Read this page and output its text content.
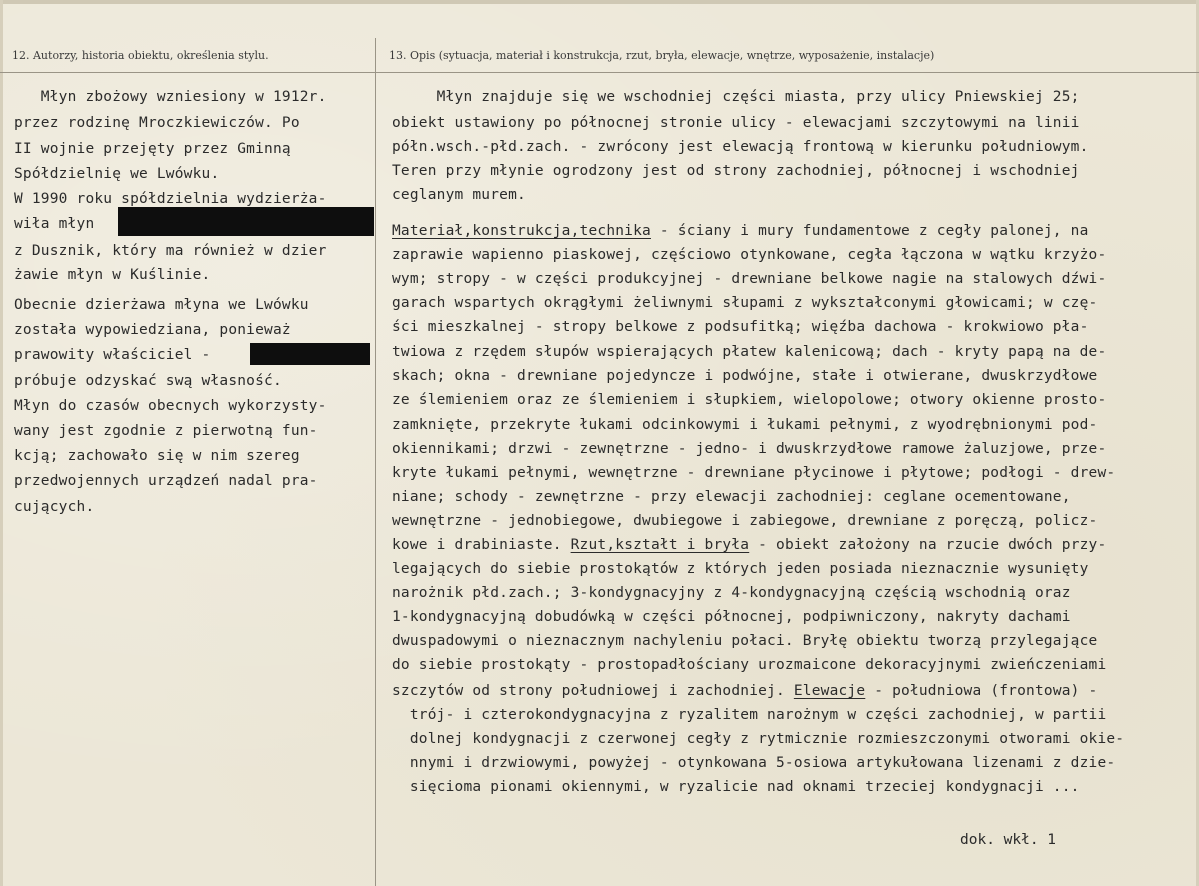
12. Autorzy, historia obiektu, określenia stylu.	13. Opis (sytuacja, materiał i konstrukcja, rzut, bryła, elewacje, wnętrze, wyposażenie, instalacje)
Młyn zbożowy wzniesiony w 1912r.
przez rodzinę Mroczkiewiczów. Po
II wojnie przejęty przez Gminną
Spółdzielnię we Lwówku.
W 1990 roku spółdzielnia wydzierża-
wiła młyn
z Dusznik, który ma również w dzier
żawie młyn w Kuślinie.
Obecnie dzierżawa młyna we Lwówku
została wypowiedziana, ponieważ
prawowity właściciel -
próbuje odzyskać swą własność.
Młyn do czasów obecnych wykorzysty-
wany jest zgodnie z pierwotną fun-
kcją; zachowało się w nim szereg
przedwojennych urządzeń nadal pra-
cujących.
Młyn znajduje się we wschodniej części miasta, przy ulicy Pniewskiej 25;
obiekt ustawiony po północnej stronie ulicy - elewacjami szczytowymi na linii
półn.wsch.-płd.zach. - zwrócony jest elewacją frontową w kierunku południowym.
Teren przy młynie ogrodzony jest od strony zachodniej, północnej i wschodniej
ceglanym murem.
Materiał,konstrukcja,technika - ściany i mury fundamentowe z cegły palonej, na
zaprawie wapienno piaskowej, częściowo otynkowane, cegła łączona w wątku krzyżo-
wym; stropy - w części produkcyjnej - drewniane belkowe nagie na stalowych dźwi-
garach wspartych okrągłymi żeliwnymi słupami z wykształconymi głowicami; w czę-
ści mieszkalnej - stropy belkowe z podsufitką; więźba dachowa - krokwiowo pła-
twiowa z rzędem słupów wspierających płatew kalenicową; dach - kryty papą na de-
skach; okna - drewniane pojedyncze i podwójne, stałe i otwierane, dwuskrzydłowe
ze ślemieniem oraz ze ślemieniem i słupkiem, wielopolowe; otwory okienne prosto-
zamknięte, przekryte łukami odcinkowymi i łukami pełnymi, z wyodrębnionymi pod-
okiennikami; drzwi - zewnętrzne - jedno- i dwuskrzydłowe ramowe żaluzjowe, prze-
kryte łukami pełnymi, wewnętrzne - drewniane płycinowe i płytowe; podłogi - drew-
niane; schody - zewnętrzne - przy elewacji zachodniej: ceglane ocementowane,
wewnętrzne - jednobiegowe, dwubiegowe i zabiegowe, drewniane z poręczą, policz-
kowe i drabiniaste. Rzut,kształt i bryła - obiekt założony na rzucie dwóch przy-
legających do siebie prostokątów z których jeden posiada nieznacznie wysunięty
narożnik płd.zach.; 3-kondygnacyjny z 4-kondygnacyjną częścią wschodnią oraz
1-kondygnacyjną dobudówką w części północnej, podpiwniczony, nakryty dachami
dwuspadowymi o nieznacznym nachyleniu połaci. Bryłę obiektu tworzą przylegające
do siebie prostokąty - prostopadłościany urozmaicone dekoracyjnymi zwieńczeniami
szczytów od strony południowej i zachodniej. Elewacje - południowa (frontowa) -
trój- i czterokondygnacyjna z ryzalitem narożnym w części zachodniej, w partii
dolnej kondygnacji z czerwonej cegły z rytmicznie rozmieszczonymi otworami okie-
nnymi i drzwiowymi, powyżej - otynkowana 5-osiowa artykułowana lizenami z dzie-
sięcioma pionami okiennymi, w ryzalicie nad oknami trzeciej kondygnacji ...
dok. wkł. 1
